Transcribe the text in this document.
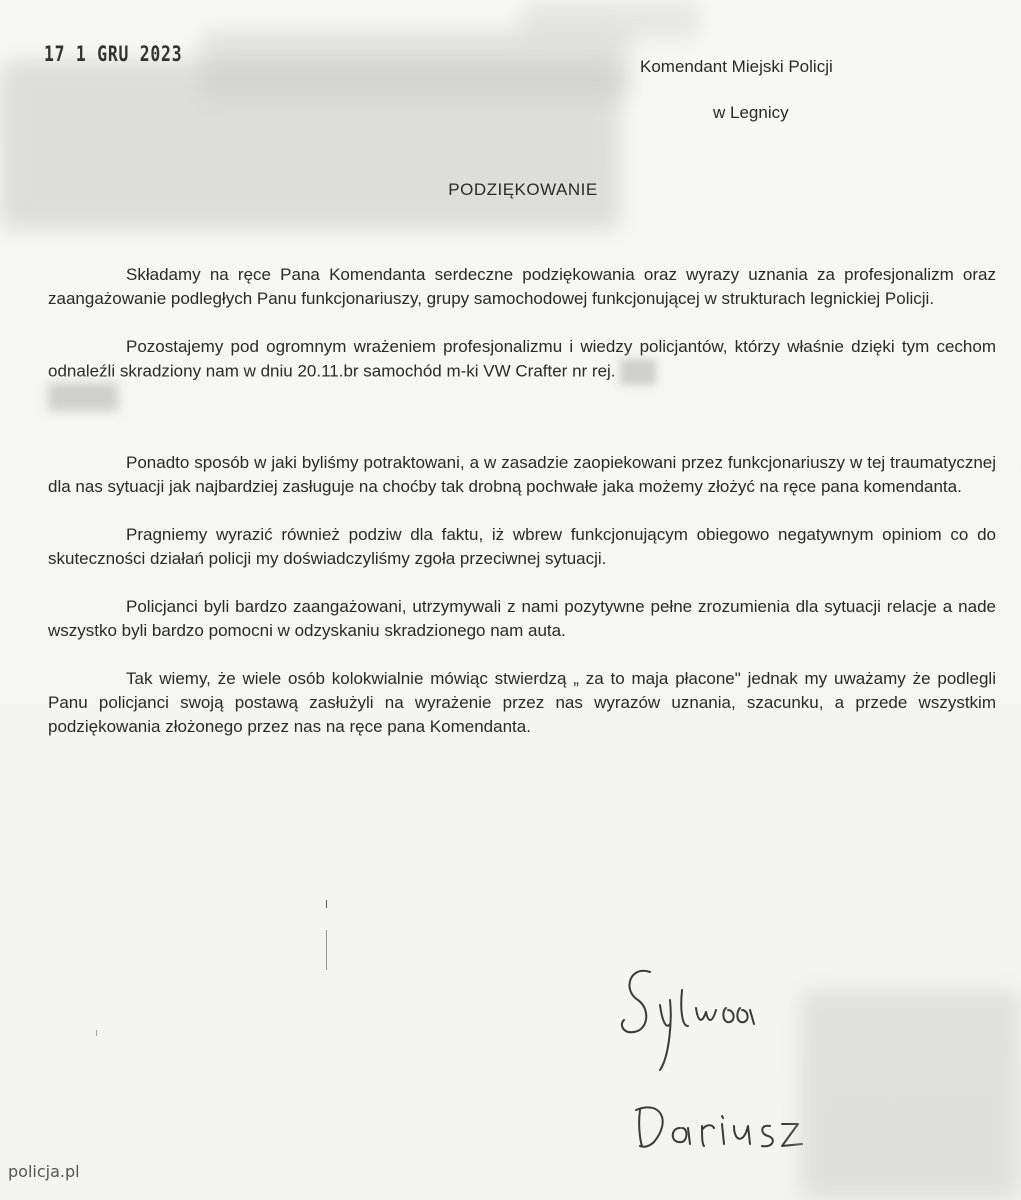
17 1 GRU 2023
Komendant Miejski Policji
w Legnicy
PODZIĘKOWANIE

Składamy na ręce Pana Komendanta serdeczne podziękowania oraz wyrazy uznania za profesjonalizm oraz zaangażowanie podległych Panu funkcjonariuszy, grupy samochodowej funkcjonującej w strukturach legnickiej Policji.

Pozostajemy pod ogromnym wrażeniem profesjonalizmu i wiedzy policjantów, którzy właśnie dzięki tym cechom odnaleźli skradziony nam w dniu 20.11.br samochód m-ki VW Crafter nr rej.

Ponadto sposób w jaki byliśmy potraktowani, a w zasadzie zaopiekowani przez funkcjonariuszy w tej traumatycznej dla nas sytuacji jak najbardziej zasługuje na choćby tak drobną pochwałe jaka możemy złożyć na ręce pana komendanta.

Pragniemy wyrazić również podziw dla faktu, iż wbrew funkcjonującym obiegowo negatywnym opiniom co do skuteczności działań policji my doświadczyliśmy zgoła przeciwnej sytuacji.

Policjanci byli bardzo zaangażowani, utrzymywali z nami pozytywne pełne zrozumienia dla sytuacji relacje a nade wszystko byli bardzo pomocni w odzyskaniu skradzionego nam auta.

Tak wiemy, że wiele osób kolokwialnie mówiąc stwierdzą „ za to maja płacone" jednak my uważamy że podlegli Panu policjanci swoją postawą zasłużyli na wyrażenie przez nas wyrazów uznania, szacunku, a przede wszystkim podziękowania złożonego przez nas na ręce pana Komendanta.

policja.pl
